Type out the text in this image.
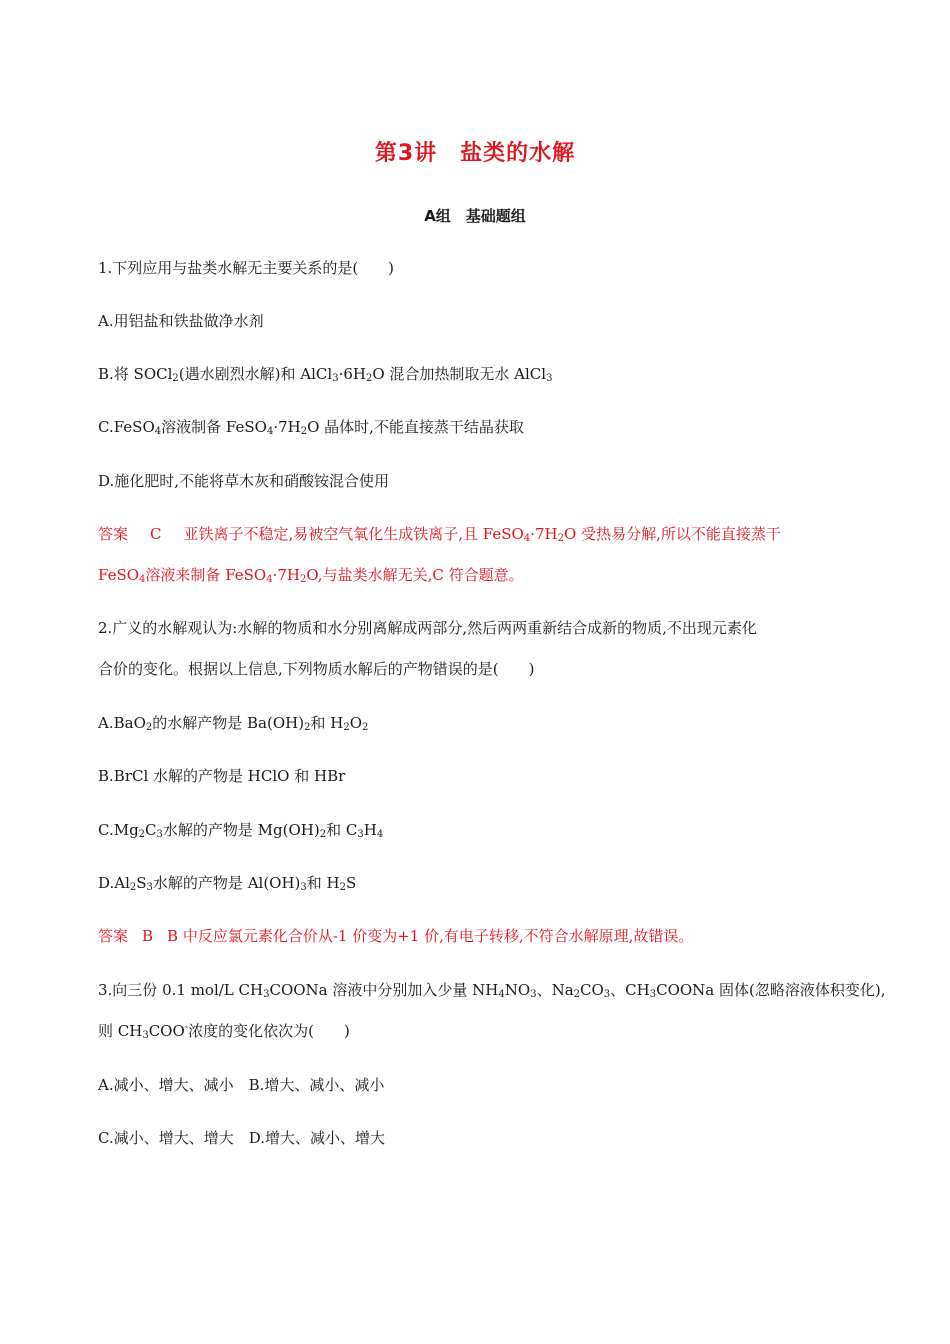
第3讲　盐类的水解
A组　基础题组
1.下列应用与盐类水解无主要关系的是(　　)
A.用铝盐和铁盐做净水剂
B.将 SOCl$_2$(遇水剧烈水解)和 $AlCl_3\cdot 6H_2O$ 混合加热制取无水 AlCl$_3$
C.FeSO$_4$溶液制备 $FeSO_4\cdot 7H_2O$ 晶体时,不能直接蒸干结晶获取
D.施化肥时,不能将草木灰和硝酸铵混合使用
答案 C 亚铁离子不稳定,易被空气氧化生成铁离子,且 $FeSO_4\cdot 7H_2O$ 受热易分解,所以不能直接蒸干
FeSO$_4$溶液来制备 $FeSO_4\cdot 7H_2O$,与盐类水解无关,C 符合题意。
2.广义的水解观认为:水解的物质和水分别离解成两部分,然后两两重新结合成新的物质,不出现元素化
合价的变化。根据以上信息,下列物质水解后的产物错误的是(　　)
A.BaO$_2$的水解产物是 $Ba(OH)_2$和 $H_2O_2$
B.BrCl 水解的产物是 HClO 和 HBr
$C.Mg_2C_3$水解的产物是 $Mg(OH)_2$和 $C_3H_4$
$D.Al_2S_3$水解的产物是 $Al(OH)_3$和 $H_2S$
答案 B B 中反应氯元素化合价从-1 价变为+1 价,有电子转移,不符合水解原理,故错误。
3.向三份 0.1 mol/L $CH_3COONa$ 溶液中分别加入少量 $NH_4NO_3$、$Na_2CO_3$、$CH_3COONa$ 固体(忽略溶液体积变化),
则 $CH_3COO^-$浓度的变化依次为(　　)
A.减小、增大、减小　B.增大、减小、减小
C.减小、增大、增大　D.增大、减小、增大
